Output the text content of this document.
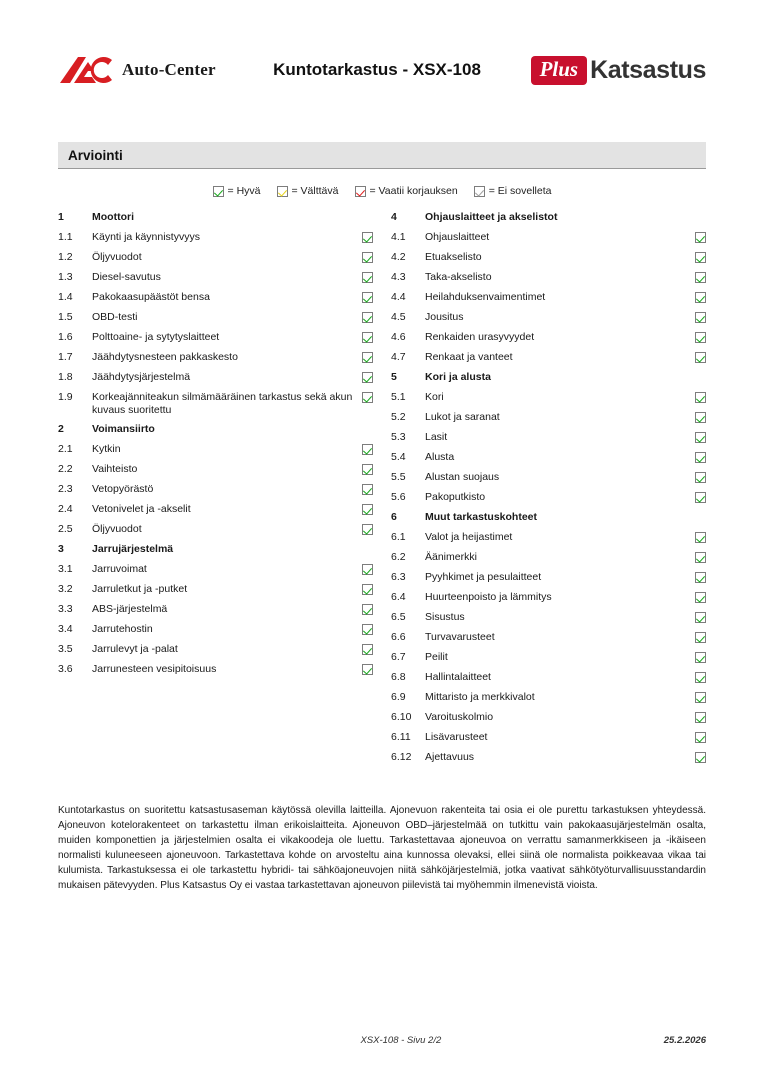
Auto-Center	Kuntotarkastus - XSX-108	Plus Katsastus
Arviointi
= Hyvä	= Välttävä	= Vaatii korjauksen	= Ei sovelleta
1	Moottori
1.1	Käynti ja käynnistyvyys
1.2	Öljyvuodot
1.3	Diesel-savutus
1.4	Pakokaasupäästöt bensa
1.5	OBD-testi
1.6	Polttoaine- ja sytytyslaitteet
1.7	Jäähdytysnesteen pakkaskesto
1.8	Jäähdytysjärjestelmä
1.9	Korkeajänniteakun silmämääräinen tarkastus sekä akun kuvaus suoritettu
2	Voimansiirto
2.1	Kytkin
2.2	Vaihteisto
2.3	Vetopyörästö
2.4	Vetonivelet ja -akselit
2.5	Öljyvuodot
3	Jarrujärjestelmä
3.1	Jarruvoimat
3.2	Jarruletkut ja -putket
3.3	ABS-järjestelmä
3.4	Jarrutehostin
3.5	Jarrulevyt ja -palat
3.6	Jarrunesteen vesipitoisuus
4	Ohjauslaitteet ja akselistot
4.1	Ohjauslaitteet
4.2	Etuakselisto
4.3	Taka-akselisto
4.4	Heilahduksenvaimentimet
4.5	Jousitus
4.6	Renkaiden urasyvyydet
4.7	Renkaat ja vanteet
5	Kori ja alusta
5.1	Kori
5.2	Lukot ja saranat
5.3	Lasit
5.4	Alusta
5.5	Alustan suojaus
5.6	Pakoputkisto
6	Muut tarkastuskohteet
6.1	Valot ja heijastimet
6.2	Äänimerkki
6.3	Pyyhkimet ja pesulaitteet
6.4	Huurteenpoisto ja lämmitys
6.5	Sisustus
6.6	Turvavarusteet
6.7	Peilit
6.8	Hallintalaitteet
6.9	Mittaristo ja merkkivalot
6.10	Varoituskolmio
6.11	Lisävarusteet
6.12	Ajettavuus
Kuntotarkastus on suoritettu katsastusaseman käytössä olevilla laitteilla. Ajonevuon rakenteita tai osia ei ole purettu tarkastuksen yhteydessä. Ajoneuvon kotelorakenteet on tarkastettu ilman erikoislaitteita. Ajoneuvon OBD–järjestelmää on tutkittu vain pakokaasujärjestelmän osalta, muiden komponettien ja järjestelmien osalta ei vikakoodeja ole luettu. Tarkastettavaa ajoneuvoa on verrattu samanmerkkiseen ja -ikäiseen normalisti kuluneeseen ajoneuvoon. Tarkastettava kohde on arvosteltu aina kunnossa olevaksi, ellei siinä ole normalista poikkeavaa vikaa tai kulumista. Tarkastuksessa ei ole tarkastettu hybridi- tai sähköajoneuvojen niitä sähköjärjestelmiä, jotka vaativat sähkötyöturvallisuusstandardin mukaisen pätevyyden. Plus Katsastus Oy ei vastaa tarkastettavan ajoneuvon piilevistä tai myöhemmin ilmenevistä vioista.
XSX-108 - Sivu 2/2	25.2.2026
